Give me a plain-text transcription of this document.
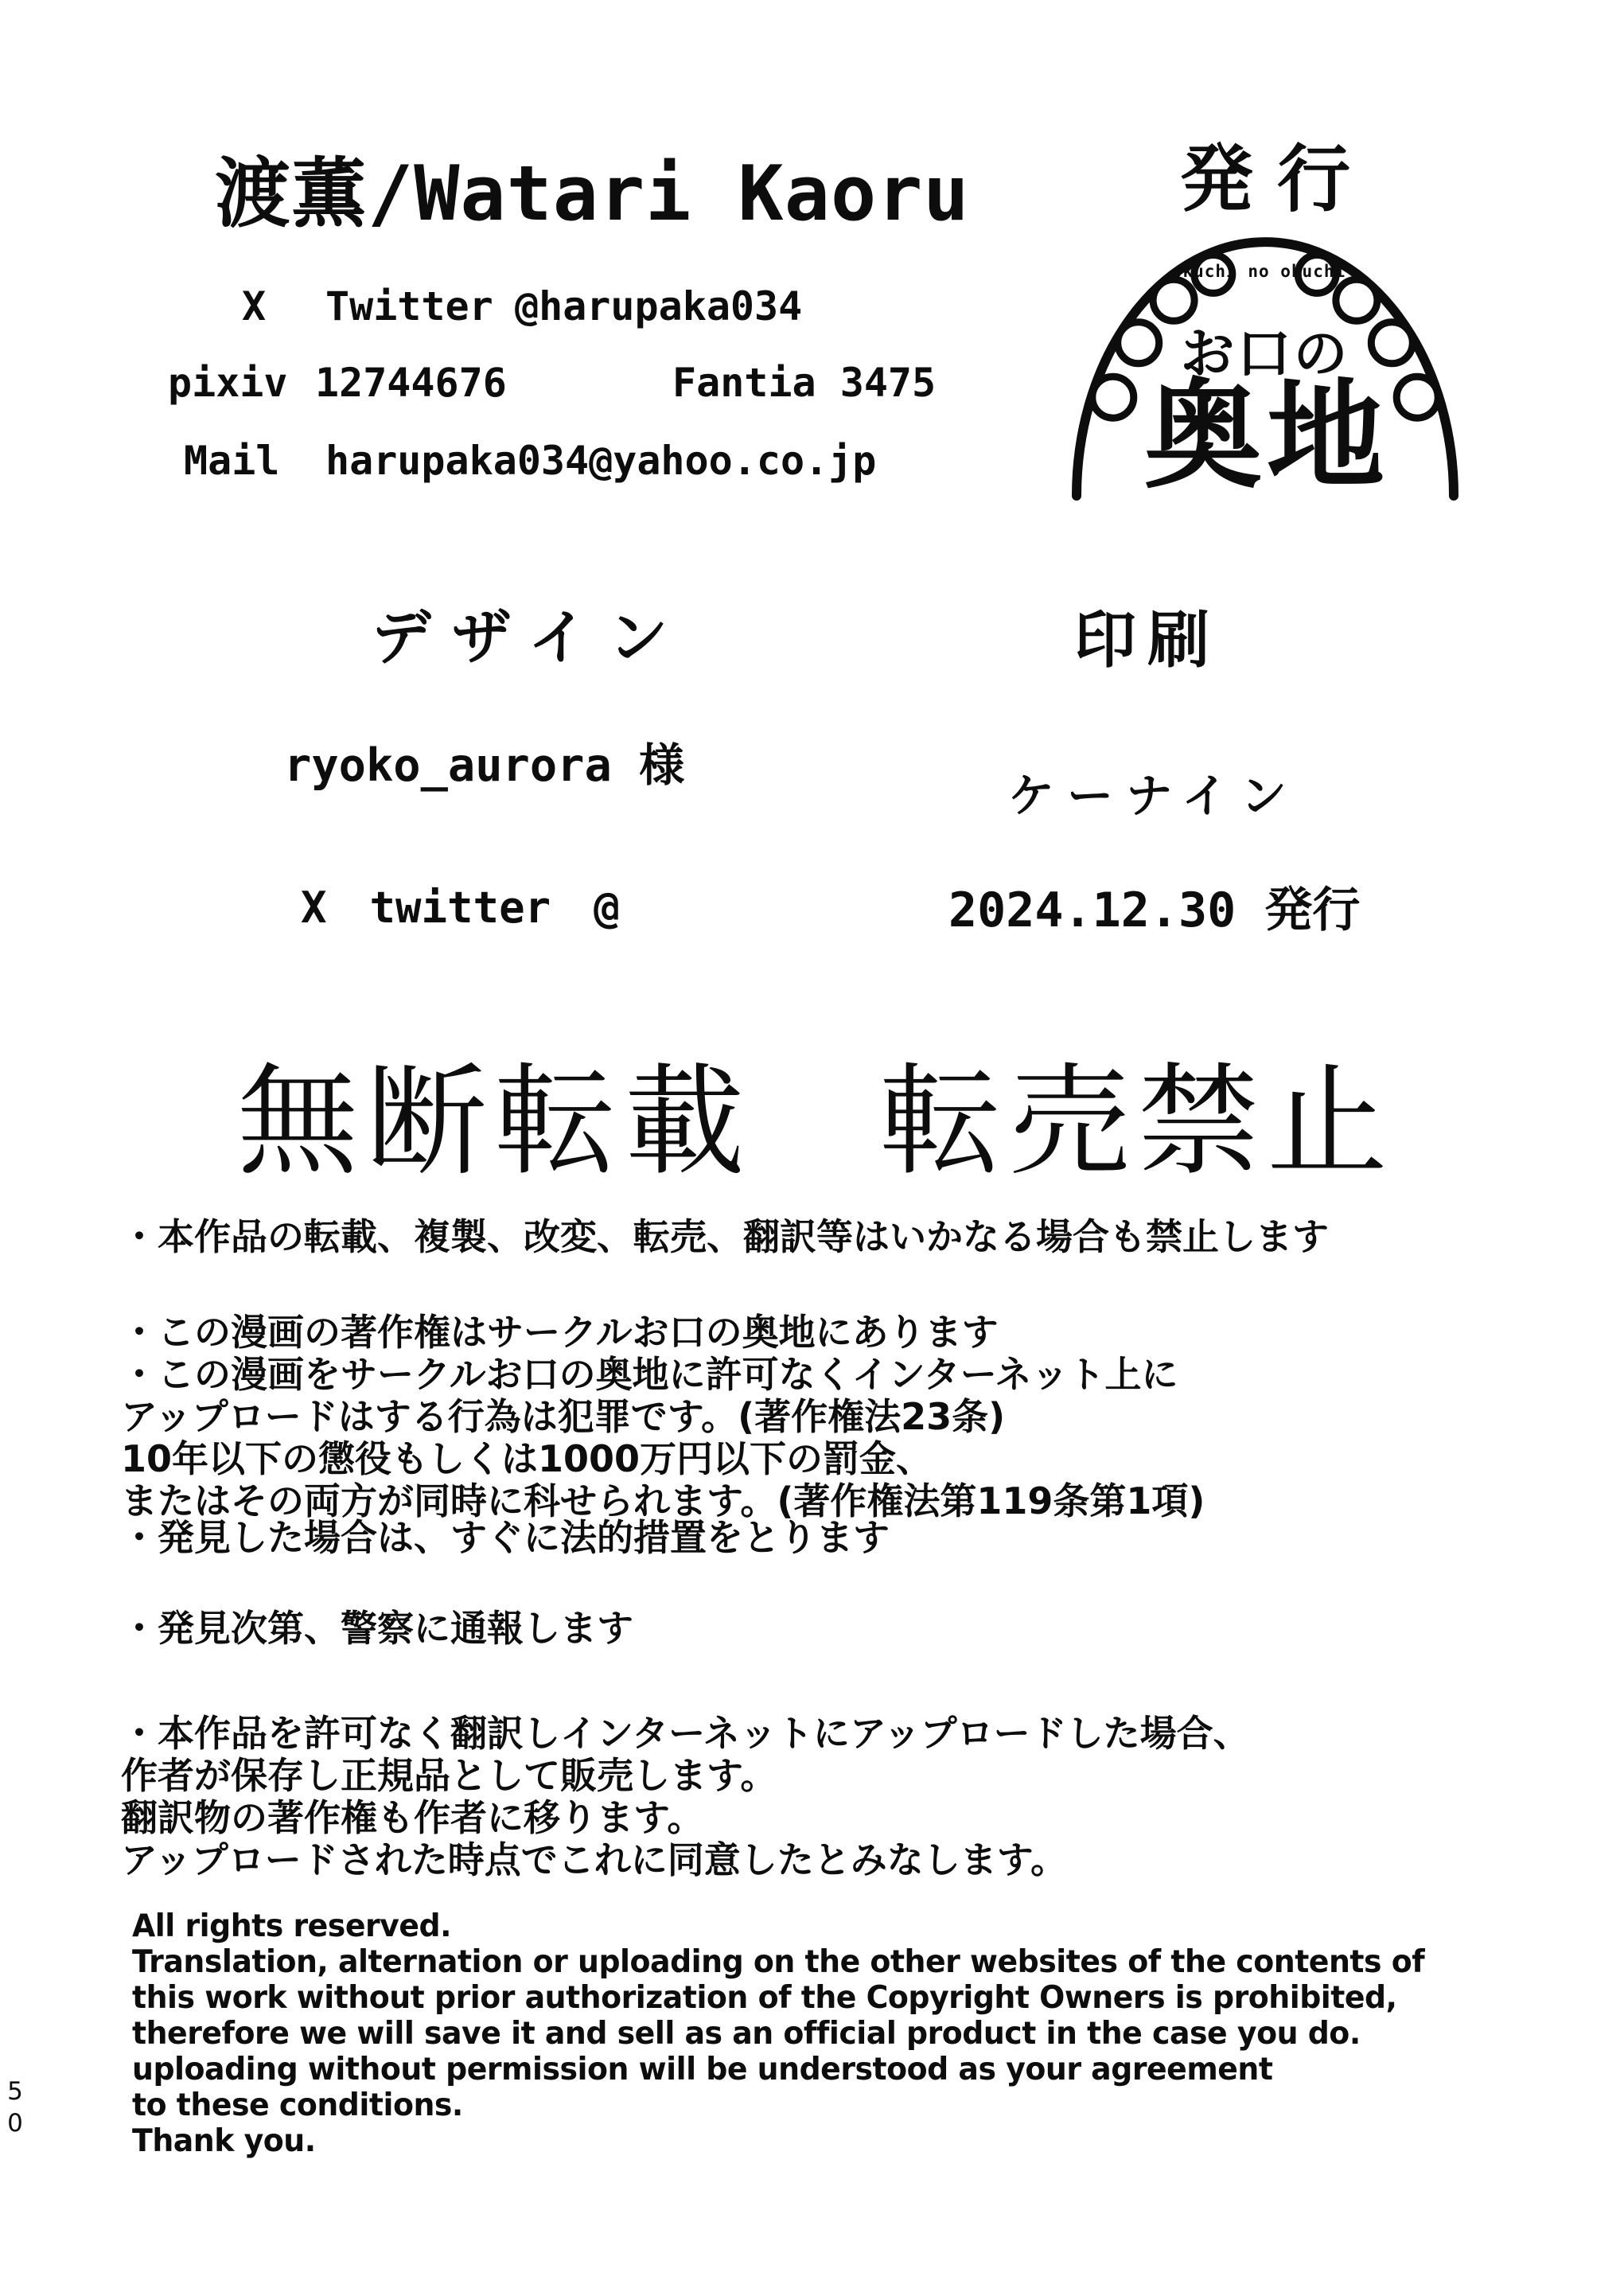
50
渡薫/Watari Kaoru
X Twitter @harupaka034
pixiv 12744676	Fantia 3475
Mail harupaka034@yahoo.co.jp
発行
okuchi no okuchi
お口の
奥地
デザイン
ryoko_aurora 様
X　twitter　@
印刷
ケーナイン
2024.12.30 発行
無断転載 転売禁止
・本作品の転載、複製、改変、転売、翻訳等はいかなる場合も禁止します
・この漫画の著作権はサークルお口の奥地にあります
・この漫画をサークルお口の奥地に許可なくインターネット上に
アップロードはする行為は犯罪です。(著作権法23条)
10年以下の懲役もしくは1000万円以下の罰金、
またはその両方が同時に科せられます。(著作権法第119条第1項)
・発見した場合は、すぐに法的措置をとります
・発見次第、警察に通報します
・本作品を許可なく翻訳しインターネットにアップロードした場合、
作者が保存し正規品として販売します。
翻訳物の著作権も作者に移ります。
アップロードされた時点でこれに同意したとみなします。
All rights reserved.
Translation, alternation or uploading on the other websites of the contents of
this work without prior authorization of the Copyright Owners is prohibited,
therefore we will save it and sell as an official product in the case you do.
uploading without permission will be understood as your agreement
to these conditions.
Thank you.
